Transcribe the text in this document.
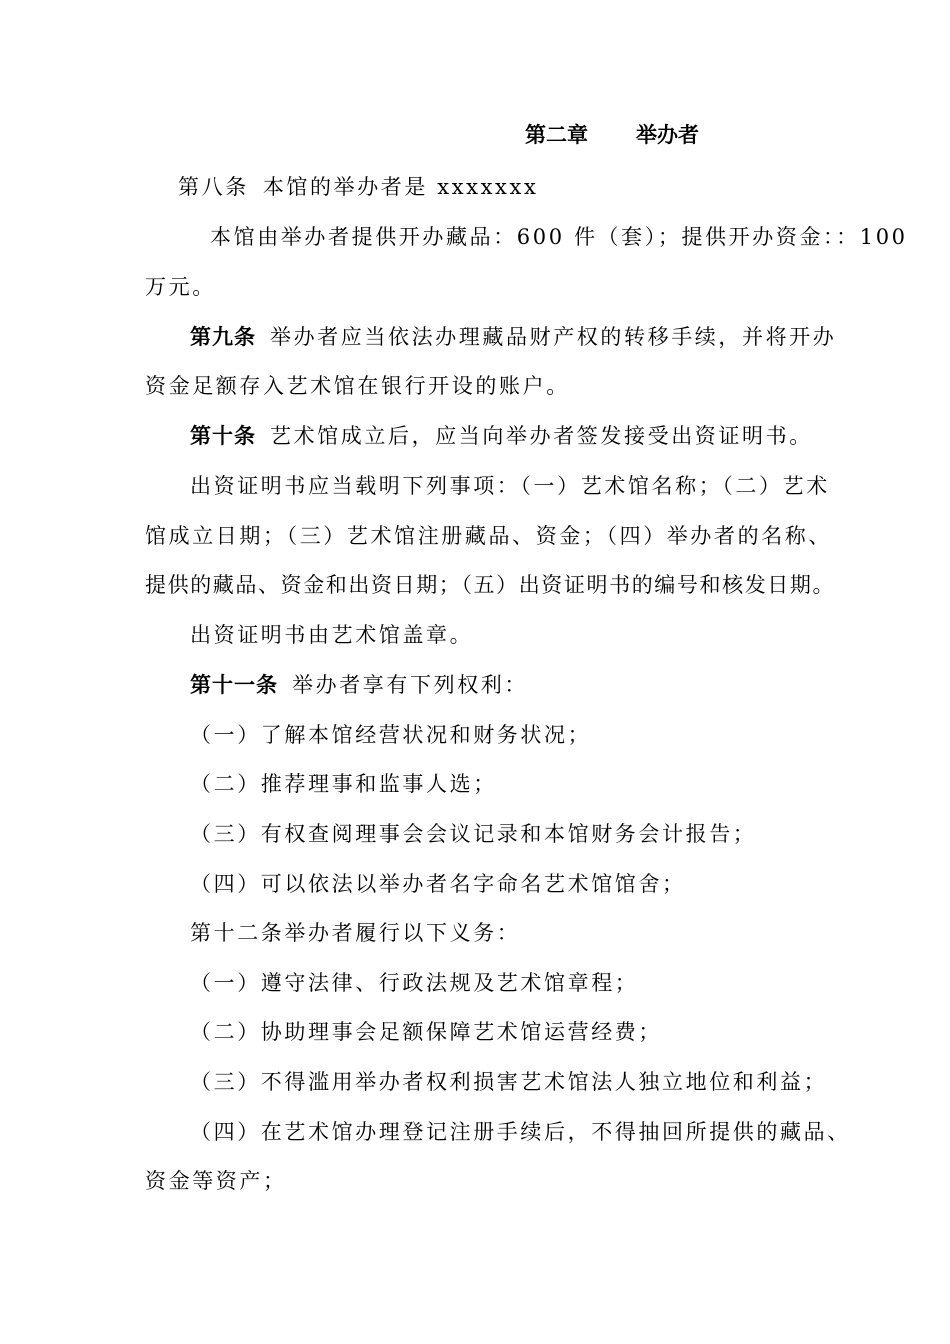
第二章 举办者
第八条 本馆的举办者是 xxxxxxx
本馆由举办者提供开办藏品：600 件（套）；提供开办资金：：100
万元。
第九条 举办者应当依法办理藏品财产权的转移手续，并将开办
资金足额存入艺术馆在银行开设的账户。
第十条 艺术馆成立后，应当向举办者签发接受出资证明书。
出资证明书应当载明下列事项：（一）艺术馆名称；（二）艺术
馆成立日期；（三）艺术馆注册藏品、资金；（四）举办者的名称、
提供的藏品、资金和出资日期；（五）出资证明书的编号和核发日期。
出资证明书由艺术馆盖章。
第十一条 举办者享有下列权利：
（一）了解本馆经营状况和财务状况；
（二）推荐理事和监事人选；
（三）有权查阅理事会会议记录和本馆财务会计报告；
（四）可以依法以举办者名字命名艺术馆馆舍；
第十二条举办者履行以下义务：
（一）遵守法律、行政法规及艺术馆章程；
（二）协助理事会足额保障艺术馆运营经费；
（三）不得滥用举办者权利损害艺术馆法人独立地位和利益；
（四）在艺术馆办理登记注册手续后，不得抽回所提供的藏品、
资金等资产；
